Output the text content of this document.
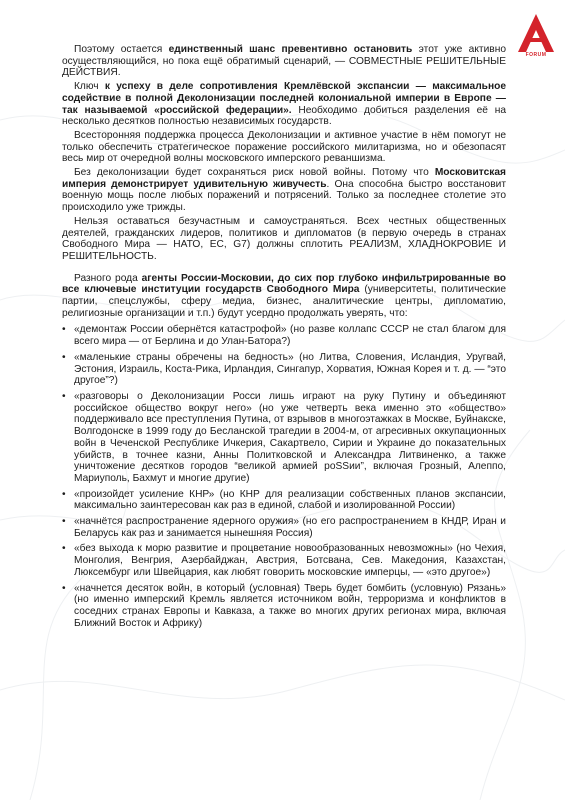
FORUM

Поэтому остается единственный шанс превентивно остановить этот уже активно осуществляющийся, но пока ещё обратимый сценарий, — СОВМЕСТНЫЕ РЕШИТЕЛЬНЫЕ ДЕЙСТВИЯ.

Ключ к успеху в деле сопротивления Кремлёвской экспансии — максимальное содействие в полной Деколонизации последней колониальной империи в Европе — так называемой «российской федерации». Необходимо добиться разделения её на несколько десятков полностью независимых государств.

Всесторонняя поддержка процесса Деколонизации и активное участие в нём помогут не только обеспечить стратегическое поражение российского милитаризма, но и обезопасят весь мир от очередной волны московского имперского реваншизма.

Без деколонизации будет сохраняться риск новой войны. Потому что Московитская империя демонстрирует удивительную живучесть. Она способна быстро восстановит военную мощь после любых поражений и потрясений. Только за последнее столетие это происходило уже трижды.

Нельзя оставаться безучастным и самоустраняться. Всех честных общественных деятелей, гражданских лидеров, политиков и дипломатов (в первую очередь в странах Свободного Мира — НАТО, ЕС, G7) должны сплотить РЕАЛИЗМ, ХЛАДНОКРОВИЕ И РЕШИТЕЛЬНОСТЬ.

Разного рода агенты России-Московии, до сих пор глубоко инфильтрированные во все ключевые институции государств Свободного Мира (университеты, политические партии, спецслужбы, сферу медиа, бизнес, аналитические центры, дипломатию, религиозные организации и т.п.) будут усердно продолжать уверять, что:

• «демонтаж России обернётся катастрофой» (но разве коллапс СССР не стал благом для всего мира — от Берлина и до Улан-Батора?)
• «маленькие страны обречены на бедность» (но Литва, Словения, Исландия, Уругвай, Эстония, Израиль, Коста-Рика, Ирландия, Сингапур, Хорватия, Южная Корея и т. д. — “это другое”?)
• «разговоры о Деколонизации Росси лишь играют на руку Путину и объединяют российское общество вокруг него» (но уже четверть века именно это «общество» поддерживало все преступления Путина, от взрывов в многоэтажках в Москве, Буйнакске, Волгодонске в 1999 году до Бесланской трагедии в 2004-м, от агресивных оккупационных войн в Чеченской Республике Ичкерия, Сакартвело, Сирии и Украине до показательных убийств, в точнее казни, Анны Политковской и Александра Литвиненко, а также уничтожение десятков городов “великой армией poSSии”, включая Грозный, Алеппо, Мариуполь, Бахмут и многие другие)
• «произойдет усиление КНР» (но КНР для реализации собственных планов экспансии, максимально заинтересован как раз в единой, слабой и изолированной России)
• «начнётся распространение ядерного оружия» (но его распространением в КНДР, Иран и Беларусь как раз и занимается нынешняя Россия)
• «без выхода к морю развитие и процветание новообразованных невозможны» (но Чехия, Монголия, Венгрия, Азербайджан, Австрия, Ботсвана, Сев. Македония, Казахстан, Люксембург или Швейцария, как любят говорить московские имперцы, — «это другое»)
• «начнется десяток войн, в который (условная) Тверь будет бомбить (условную) Рязань» (но именно имперский Кремль является источником войн, терроризма и конфликтов в соседних странах Европы и Кавказа, а также во многих других регионах мира, включая Ближний Восток и Африку)
